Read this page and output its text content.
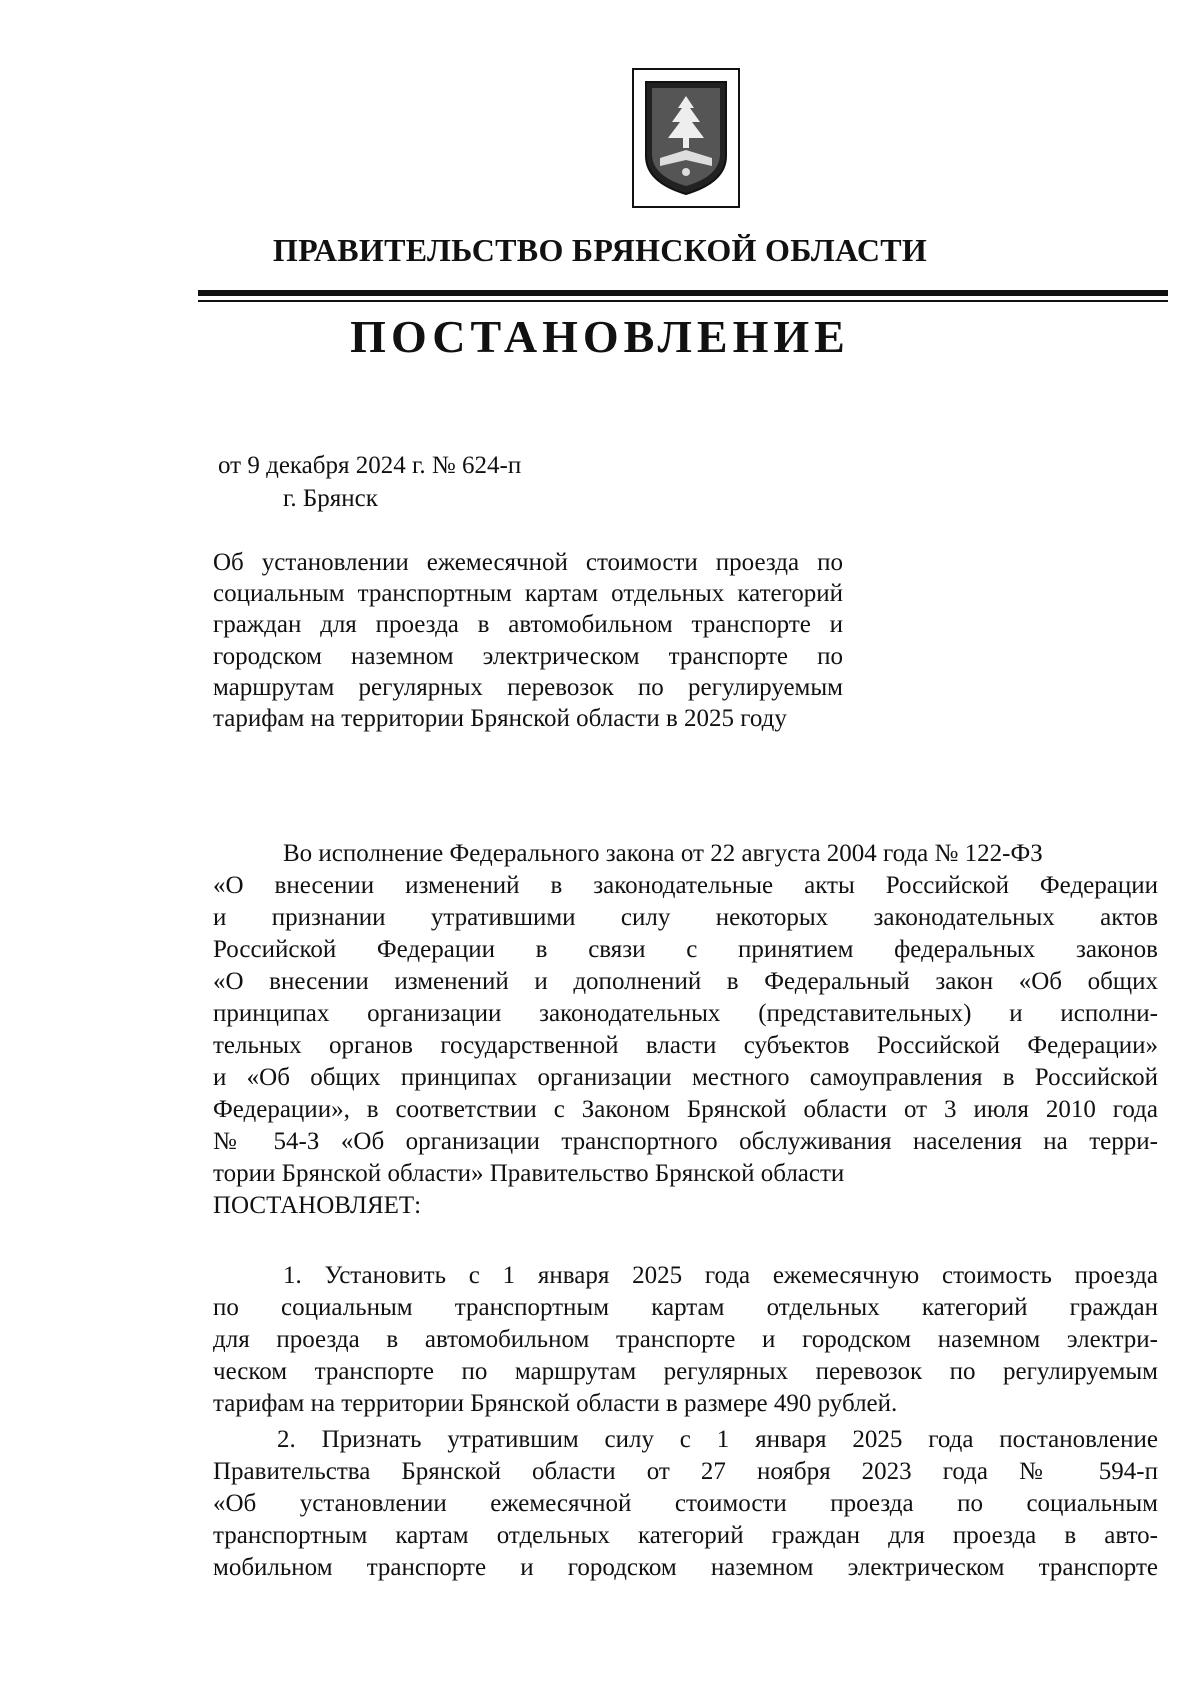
ПРАВИТЕЛЬСТВО БРЯНСКОЙ ОБЛАСТИ
ПОСТАНОВЛЕНИЕ
от 9 декабря 2024 г. № 624-п
г. Брянск
Об установлении ежемесячной стоимости проезда по социальным транспортным картам отдельных категорий граждан для проезда в автомобильном транспорте и городском наземном электрическом транспорте по маршрутам регулярных перевозок по регулируемым тарифам на территории Брянской области в 2025 году
Во исполнение Федерального закона от 22 августа 2004 года № 122-ФЗ
«О внесении изменений в законодательные акты Российской Федерации
и признании утратившими силу некоторых законодательных актов
Российской Федерации в связи с принятием федеральных законов
«О внесении изменений и дополнений в Федеральный закон «Об общих
принципах организации законодательных (представительных) и исполни-
тельных органов государственной власти субъектов Российской Федерации»
и «Об общих принципах организации местного самоуправления в Российской
Федерации», в соответствии с Законом Брянской области от 3 июля 2010 года
№ 54-З «Об организации транспортного обслуживания населения на терри-
тории Брянской области» Правительство Брянской области
ПОСТАНОВЛЯЕТ:
1. Установить с 1 января 2025 года ежемесячную стоимость проезда
по социальным транспортным картам отдельных категорий граждан
для проезда в автомобильном транспорте и городском наземном электри-
ческом транспорте по маршрутам регулярных перевозок по регулируемым
тарифам на территории Брянской области в размере 490 рублей.
2. Признать утратившим силу с 1 января 2025 года постановление
Правительства Брянской области от 27 ноября 2023 года № 594-п
«Об установлении ежемесячной стоимости проезда по социальным
транспортным картам отдельных категорий граждан для проезда в авто-
мобильном транспорте и городском наземном электрическом транспорте
